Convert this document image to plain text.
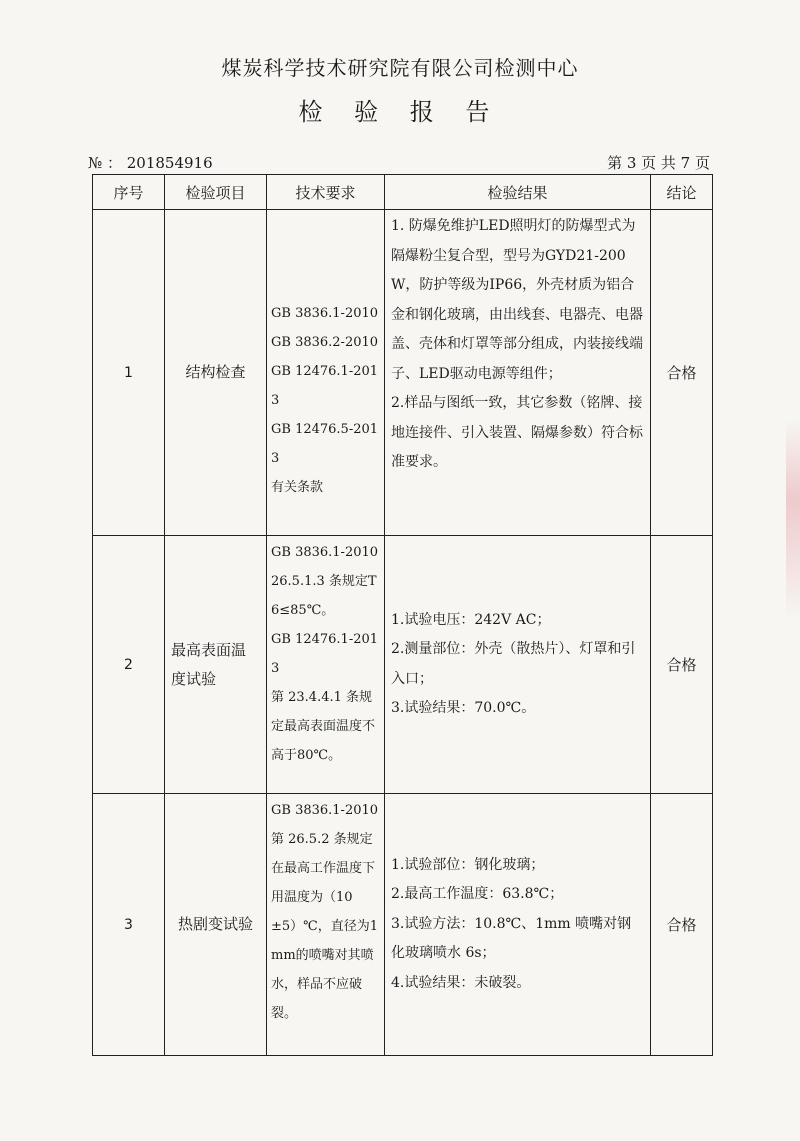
煤炭科学技术研究院有限公司检测中心
检 验 报 告
№ ： 201854916	第 3 页 共 7 页
序号	检验项目	技术要求	检验结果	结论
1	结构检查	GB 3836.1-2010
GB 3836.2-2010
GB 12476.1-2013
GB 12476.5-2013
有关条款	1. 防爆免维护LED照明灯的防爆型式为隔爆粉尘复合型，型号为GYD21-200W，防护等级为IP66，外壳材质为铝合金和钢化玻璃，由出线套、电器壳、电器盖、壳体和灯罩等部分组成，内装接线端子、LED驱动电源等组件；
2.样品与图纸一致，其它参数（铭牌、接地连接件、引入装置、隔爆参数）符合标准要求。	合格
2	最高表面温度试验	GB 3836.1-2010
26.5.1.3 条规定T6≤85℃。
GB 12476.1-2013
第 23.4.4.1 条规定最高表面温度不高于80℃。	1.试验电压：242V AC；
2.测量部位：外壳（散热片）、灯罩和引入口；
3.试验结果：70.0℃。	合格
3	热剧变试验	GB 3836.1-2010
第 26.5.2 条规定在最高工作温度下用温度为（10±5）℃，直径为1mm的喷嘴对其喷水，样品不应破裂。	1.试验部位：钢化玻璃；
2.最高工作温度：63.8℃；
3.试验方法：10.8℃、1mm 喷嘴对钢化玻璃喷水 6s；
4.试验结果：未破裂。	合格
